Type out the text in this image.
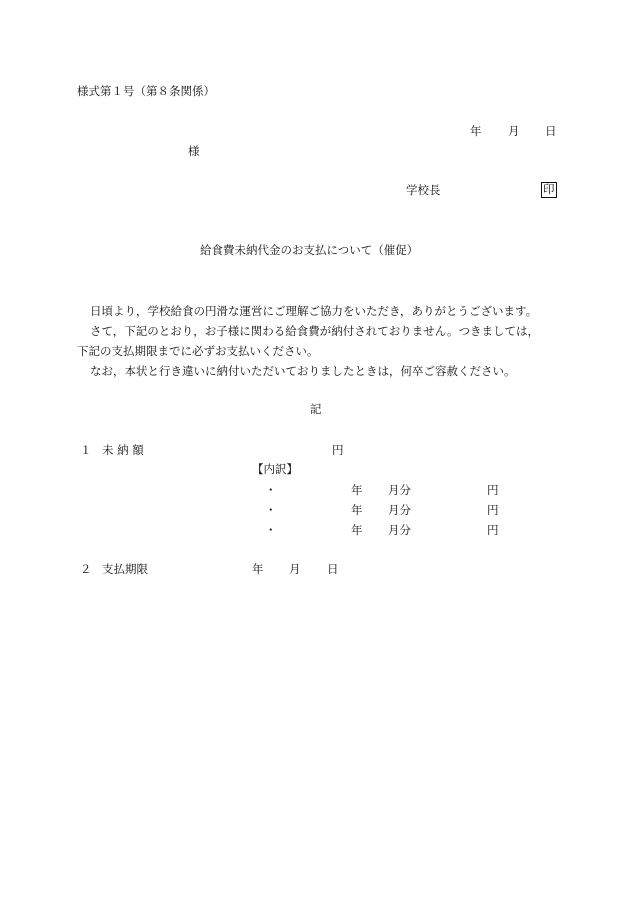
様式第１号（第８条関係）
年 月 日
様
学校長	印
給食費未納代金のお支払について（催促）
日頃より，学校給食の円滑な運営にご理解ご協力をいただき，ありがとうございます。
さて，下記のとおり，お子様に関わる給食費が納付されておりません。つきましては，
下記の支払期限までに必ずお支払いください。
なお，本状と行き違いに納付いただいておりましたときは，何卒ご容赦ください。
記
１ 未 納 額	円
【内訳】
・	年 月分	円
・	年 月分	円
・	年 月分	円
２ 支払期限	年 月 日
